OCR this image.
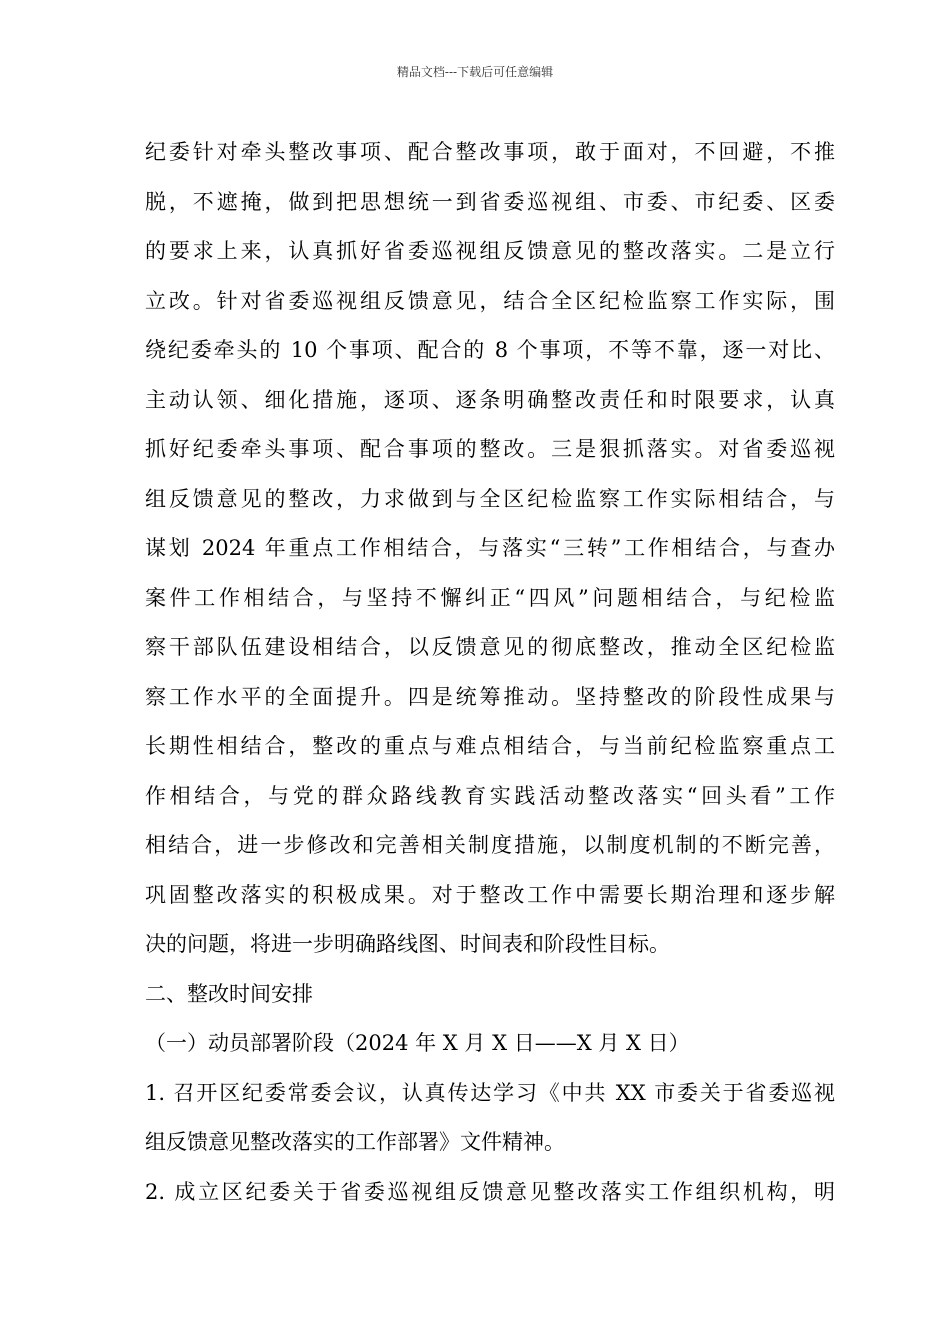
精品文档---下载后可任意编辑
纪委针对牵头整改事项、配合整改事项，敢于面对，不回避，不推
脱，不遮掩，做到把思想统一到省委巡视组、市委、市纪委、区委
的要求上来，认真抓好省委巡视组反馈意见的整改落实。二是立行
立改。针对省委巡视组反馈意见，结合全区纪检监察工作实际，围
绕纪委牵头的 10 个事项、配合的 8 个事项，不等不靠，逐一对比、
主动认领、细化措施，逐项、逐条明确整改责任和时限要求，认真
抓好纪委牵头事项、配合事项的整改。三是狠抓落实。对省委巡视
组反馈意见的整改，力求做到与全区纪检监察工作实际相结合，与
谋划 2024 年重点工作相结合，与落实“三转”工作相结合，与查办
案件工作相结合，与坚持不懈纠正“四风”问题相结合，与纪检监
察干部队伍建设相结合，以反馈意见的彻底整改，推动全区纪检监
察工作水平的全面提升。四是统筹推动。坚持整改的阶段性成果与
长期性相结合，整改的重点与难点相结合，与当前纪检监察重点工
作相结合，与党的群众路线教育实践活动整改落实“回头看”工作
相结合，进一步修改和完善相关制度措施，以制度机制的不断完善，
巩固整改落实的积极成果。对于整改工作中需要长期治理和逐步解
决的问题，将进一步明确路线图、时间表和阶段性目标。
二、整改时间安排
（一）动员部署阶段（2024 年 X 月 X 日——X 月 X 日）
1. 召开区纪委常委会议，认真传达学习《中共 XX 市委关于省委巡视
组反馈意见整改落实的工作部署》文件精神。
2. 成立区纪委关于省委巡视组反馈意见整改落实工作组织机构，明
